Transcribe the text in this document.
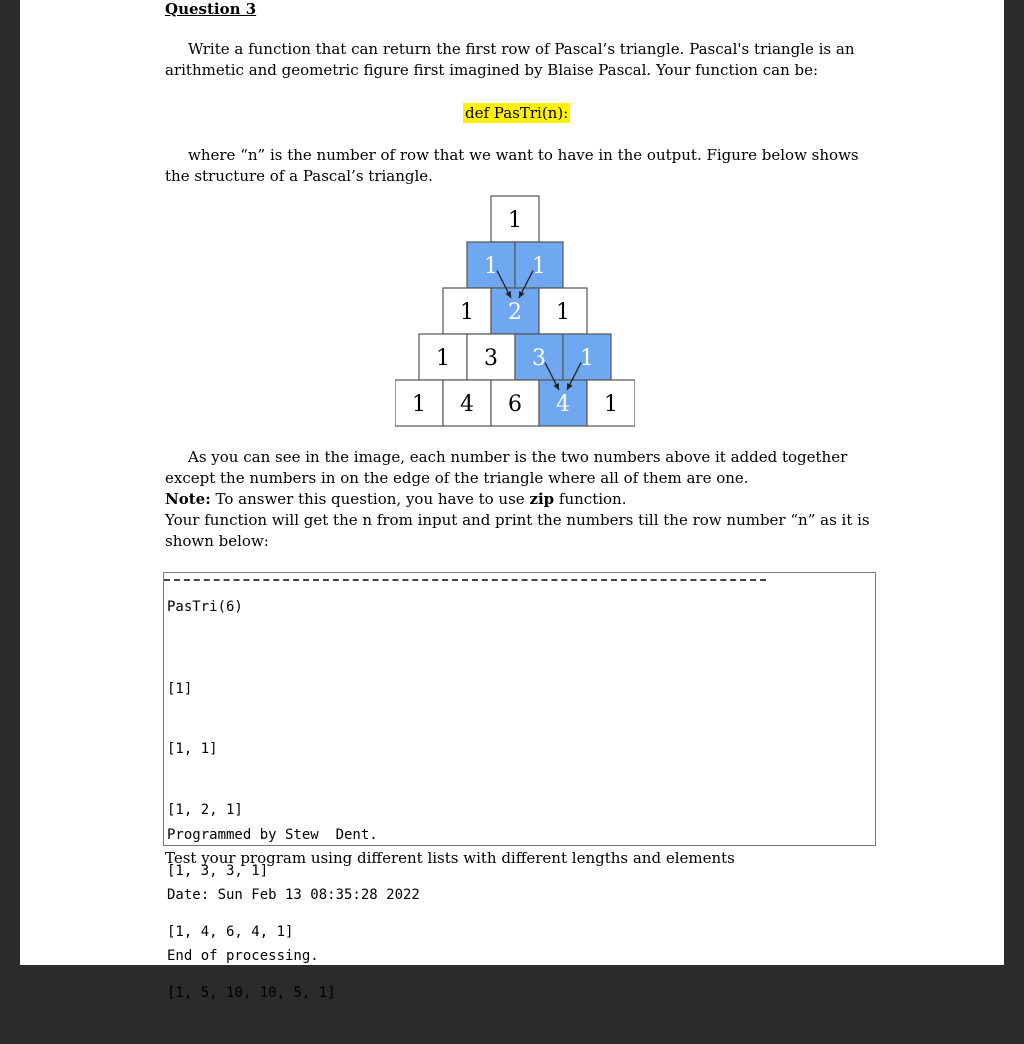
Question 3

Write a function that can return the first row of Pascal’s triangle. Pascal's triangle is an arithmetic and geometric figure first imagined by Blaise Pascal. Your function can be:

def PasTri(n):

where “n” is the number of row that we want to have in the output. Figure below shows the structure of a Pascal’s triangle.

1
1 1
1 2 1
1 3 3 1
1 4 6 4 1

As you can see in the image, each number is the two numbers above it added together except the numbers in on the edge of the triangle where all of them are one.

Note: To answer this question, you have to use zip function.

Your function will get the n from input and print the numbers till the row number “n” as it is shown below:

PasTri(6)

[1]

[1, 1]

[1, 2, 1]

[1, 3, 3, 1]

[1, 4, 6, 4, 1]

[1, 5, 10, 10, 5, 1]

Programmed by Stew  Dent.

Date: Sun Feb 13 08:35:28 2022

End of processing.

Test your program using different lists with different lengths and elements
